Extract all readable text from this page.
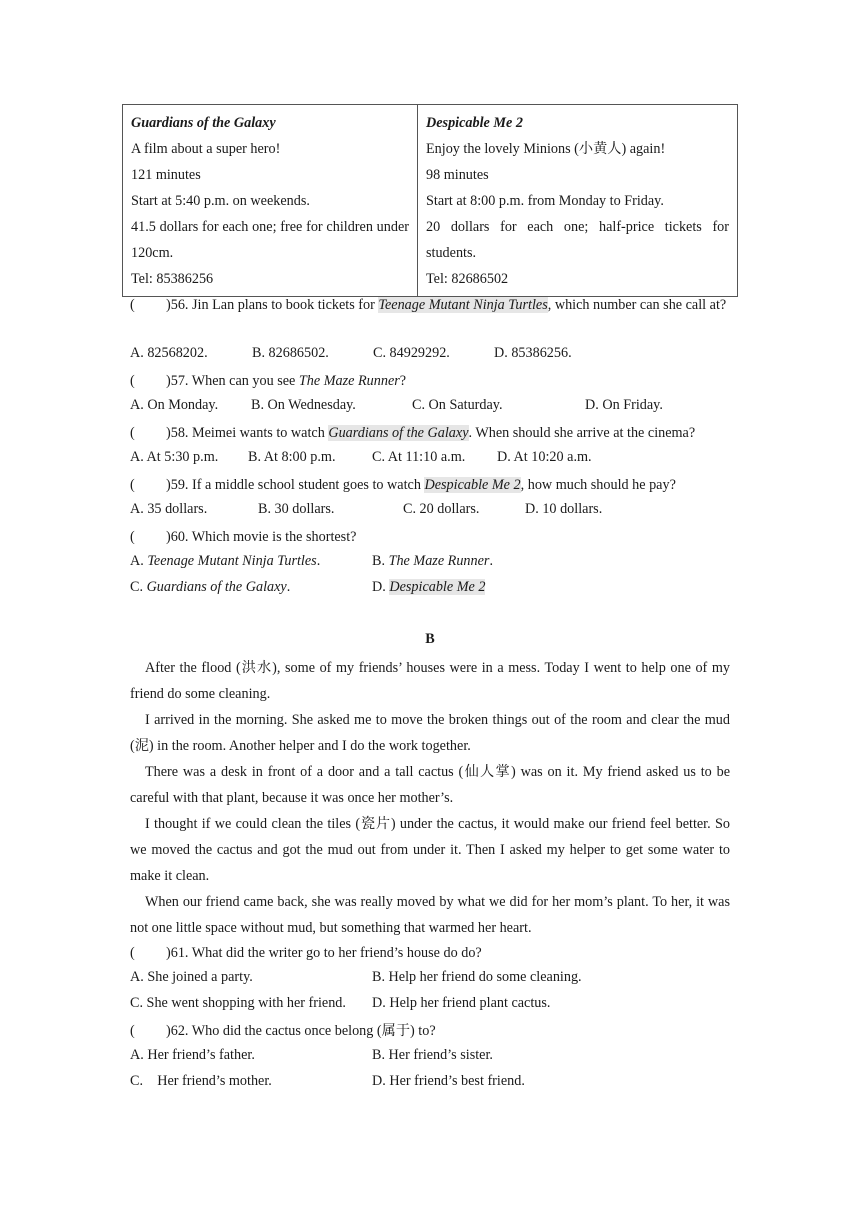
Guardians of the Galaxy
A film about a super hero!
121 minutes
Start at 5:40 p.m. on weekends.
41.5 dollars for each one; free for children under 120cm.
Tel: 85386256

Despicable Me 2
Enjoy the lovely Minions (小黄人) again!
98 minutes
Start at 8:00 p.m. from Monday to Friday.
20 dollars for each one; half-price tickets for students.
Tel: 82686502
( )56. Jin Lan plans to book tickets for Teenage Mutant Ninja Turtles, which number can she call at?
A. 82568202.	B. 82686502.	C. 84929292.	D. 85386256.
( )57. When can you see The Maze Runner?
A. On Monday. B. On Wednesday.	C. On Saturday.	D. On Friday.
( )58. Meimei wants to watch Guardians of the Galaxy. When should she arrive at the cinema?
A. At 5:30 p.m. B. At 8:00 p.m.	C. At 11:10 a.m. D. At 10:20 a.m.
( )59. If a middle school student goes to watch Despicable Me 2, how much should he pay?
A. 35 dollars.	B. 30 dollars.	C. 20 dollars.	D. 10 dollars.
( )60. Which movie is the shortest?
A. Teenage Mutant Ninja Turtles.	B. The Maze Runner.
C. Guardians of the Galaxy.	D. Despicable Me 2
B
After the flood (洪水), some of my friends’ houses were in a mess. Today I went to help one of my friend do some cleaning.
I arrived in the morning. She asked me to move the broken things out of the room and clear the mud (泥) in the room. Another helper and I do the work together.
There was a desk in front of a door and a tall cactus (仙人掌) was on it. My friend asked us to be careful with that plant, because it was once her mother’s.
I thought if we could clean the tiles (瓷片) under the cactus, it would make our friend feel better. So we moved the cactus and got the mud out from under it. Then I asked my helper to get some water to make it clean.
When our friend came back, she was really moved by what we did for her mom’s plant. To her, it was not one little space without mud, but something that warmed her heart.
( )61. What did the writer go to her friend’s house do do?
A. She joined a party.	B. Help her friend do some cleaning.
C. She went shopping with her friend. D. Help her friend plant cactus.
( )62. Who did the cactus once belong (属于) to?
A. Her friend’s father.	B. Her friend’s sister.
C.    Her friend’s mother.	D. Her friend’s best friend.
